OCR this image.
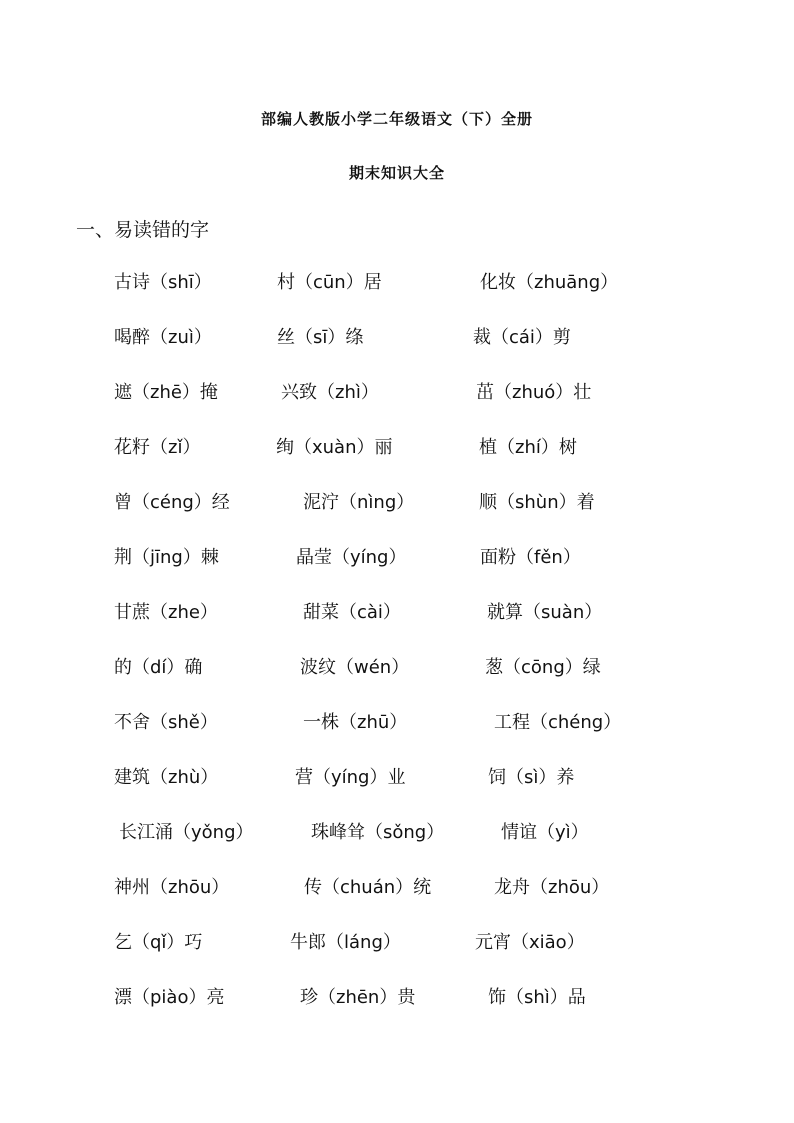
部编人教版小学二年级语文（下）全册
期末知识大全
一、易读错的字
古诗（shī）	村（cūn）居	化妆（zhuāng）
喝醉（zuì）	丝（sī）绦	裁（cái）剪
遮（zhē）掩	兴致（zhì）	茁（zhuó）壮
花籽（zǐ）	绚（xuàn）丽	植（zhí）树
曾（céng）经	泥泞（nìng）	顺（shùn）着
荆（jīng）棘	晶莹（yíng）	面粉（fěn）
甘蔗（zhe）	甜菜（cài）	就算（suàn）
的（dí）确	波纹（wén）	葱（cōng）绿
不舍（shě）	一株（zhū）	工程（chéng）
建筑（zhù）	营（yíng）业	饲（sì）养
长江涌（yǒng）	珠峰耸（sǒng）	情谊（yì）
神州（zhōu）	传（chuán）统	龙舟（zhōu）
乞（qǐ）巧	牛郎（láng）	元宵（xiāo）
漂（piào）亮	珍（zhēn）贵	饰（shì）品
